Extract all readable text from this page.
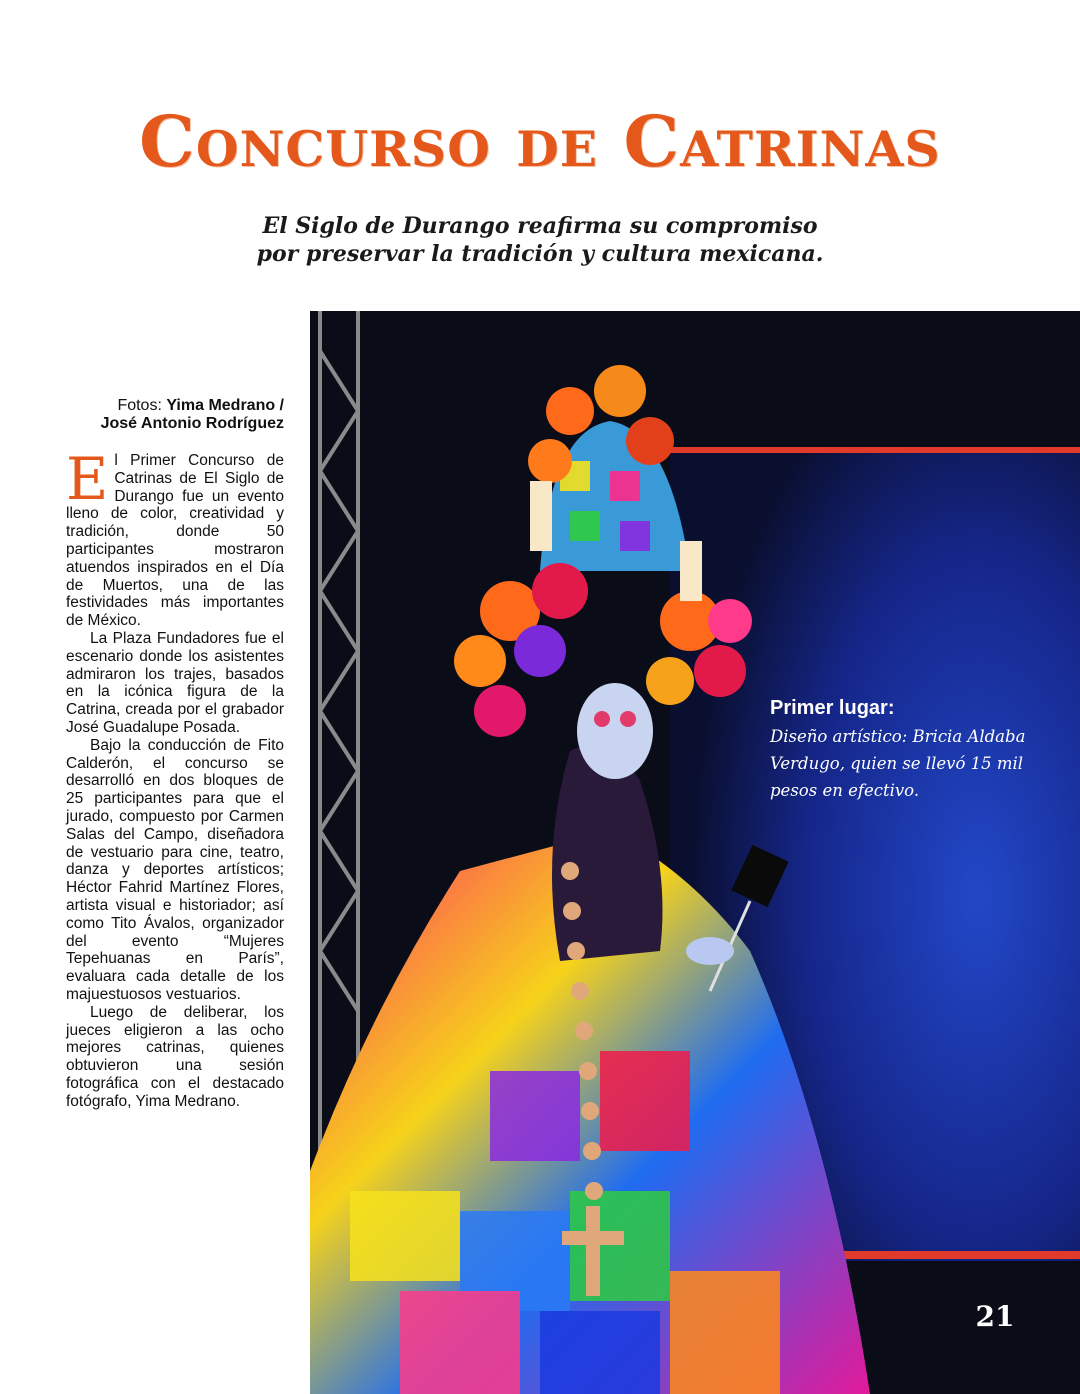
Concurso de Catrinas
El Siglo de Durango reafirma su compromiso
por preservar la tradición y cultura mexicana.
Fotos: Yima Medrano /
José Antonio Rodríguez

El Primer Concurso de Catrinas de El Siglo de Durango fue un evento lleno de color, creatividad y tradición, donde 50 participantes mostraron atuendos inspirados en el Día de Muertos, una de las festividades más importantes de México.

La Plaza Fundadores fue el escenario donde los asistentes admiraron los trajes, basados en la icónica figura de la Catrina, creada por el grabador José Guadalupe Posada.

Bajo la conducción de Fito Calderón, el concurso se desarrolló en dos bloques de 25 participantes para que el jurado, compuesto por Carmen Salas del Campo, diseñadora de vestuario para cine, teatro, danza y deportes artísticos; Héctor Fahrid Martínez Flores, artista visual e historiador; así como Tito Ávalos, organizador del evento “Mujeres Tepehuanas en París”, evaluara cada detalle de los majuestuosos vestuarios.

Luego de deliberar, los jueces eligieron a las ocho mejores catrinas, quienes obtuvieron una sesión fotográfica con el destacado fotógrafo, Yima Medrano.

Primer lugar:
Diseño artístico: Bricia Aldaba Verdugo, quien se llevó 15 mil pesos en efectivo.
21
